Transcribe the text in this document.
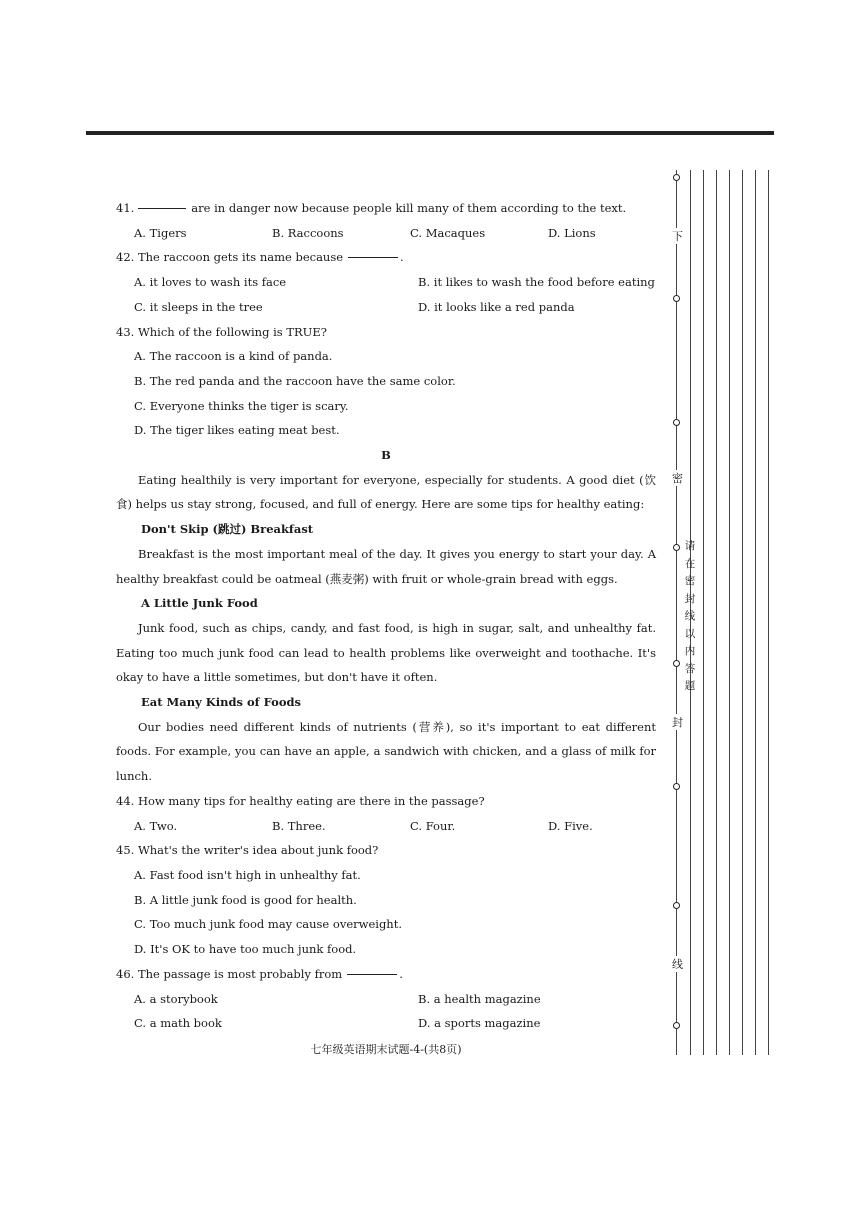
41.	are in danger now because people kill many of them according to the text.
A. Tigers	B. Raccoons	C. Macaques	D. Lions
42. The raccoon gets its name because	.
A. it loves to wash its face	B. it likes to wash the food before eating
C. it sleeps in the tree	D. it looks like a red panda
43. Which of the following is TRUE?
A. The raccoon is a kind of panda.
B. The red panda and the raccoon have the same color.
C. Everyone thinks the tiger is scary.
D. The tiger likes eating meat best.
B
Eating healthily is very important for everyone, especially for students. A good diet (饮食) helps us stay strong, focused, and full of energy. Here are some tips for healthy eating:
Don't Skip (跳过) Breakfast
Breakfast is the most important meal of the day. It gives you energy to start your day. A healthy breakfast could be oatmeal (燕麦粥) with fruit or whole-grain bread with eggs.
A Little Junk Food
Junk food, such as chips, candy, and fast food, is high in sugar, salt, and unhealthy fat. Eating too much junk food can lead to health problems like overweight and toothache. It's okay to have a little sometimes, but don't have it often.
Eat Many Kinds of Foods
Our bodies need different kinds of nutrients (营养), so it's important to eat different foods. For example, you can have an apple, a sandwich with chicken, and a glass of milk for lunch.
44. How many tips for healthy eating are there in the passage?
A. Two.	B. Three.	C. Four.	D. Five.
45. What's the writer's idea about junk food?
A. Fast food isn't high in unhealthy fat.
B. A little junk food is good for health.
C. Too much junk food may cause overweight.
D. It's OK to have too much junk food.
46. The passage is most probably from	.
A. a storybook	B. a health magazine
C. a math book	D. a sports magazine
七年级英语期末试题-4-(共8页)
下
密
封
线
请在密封线以内答题
